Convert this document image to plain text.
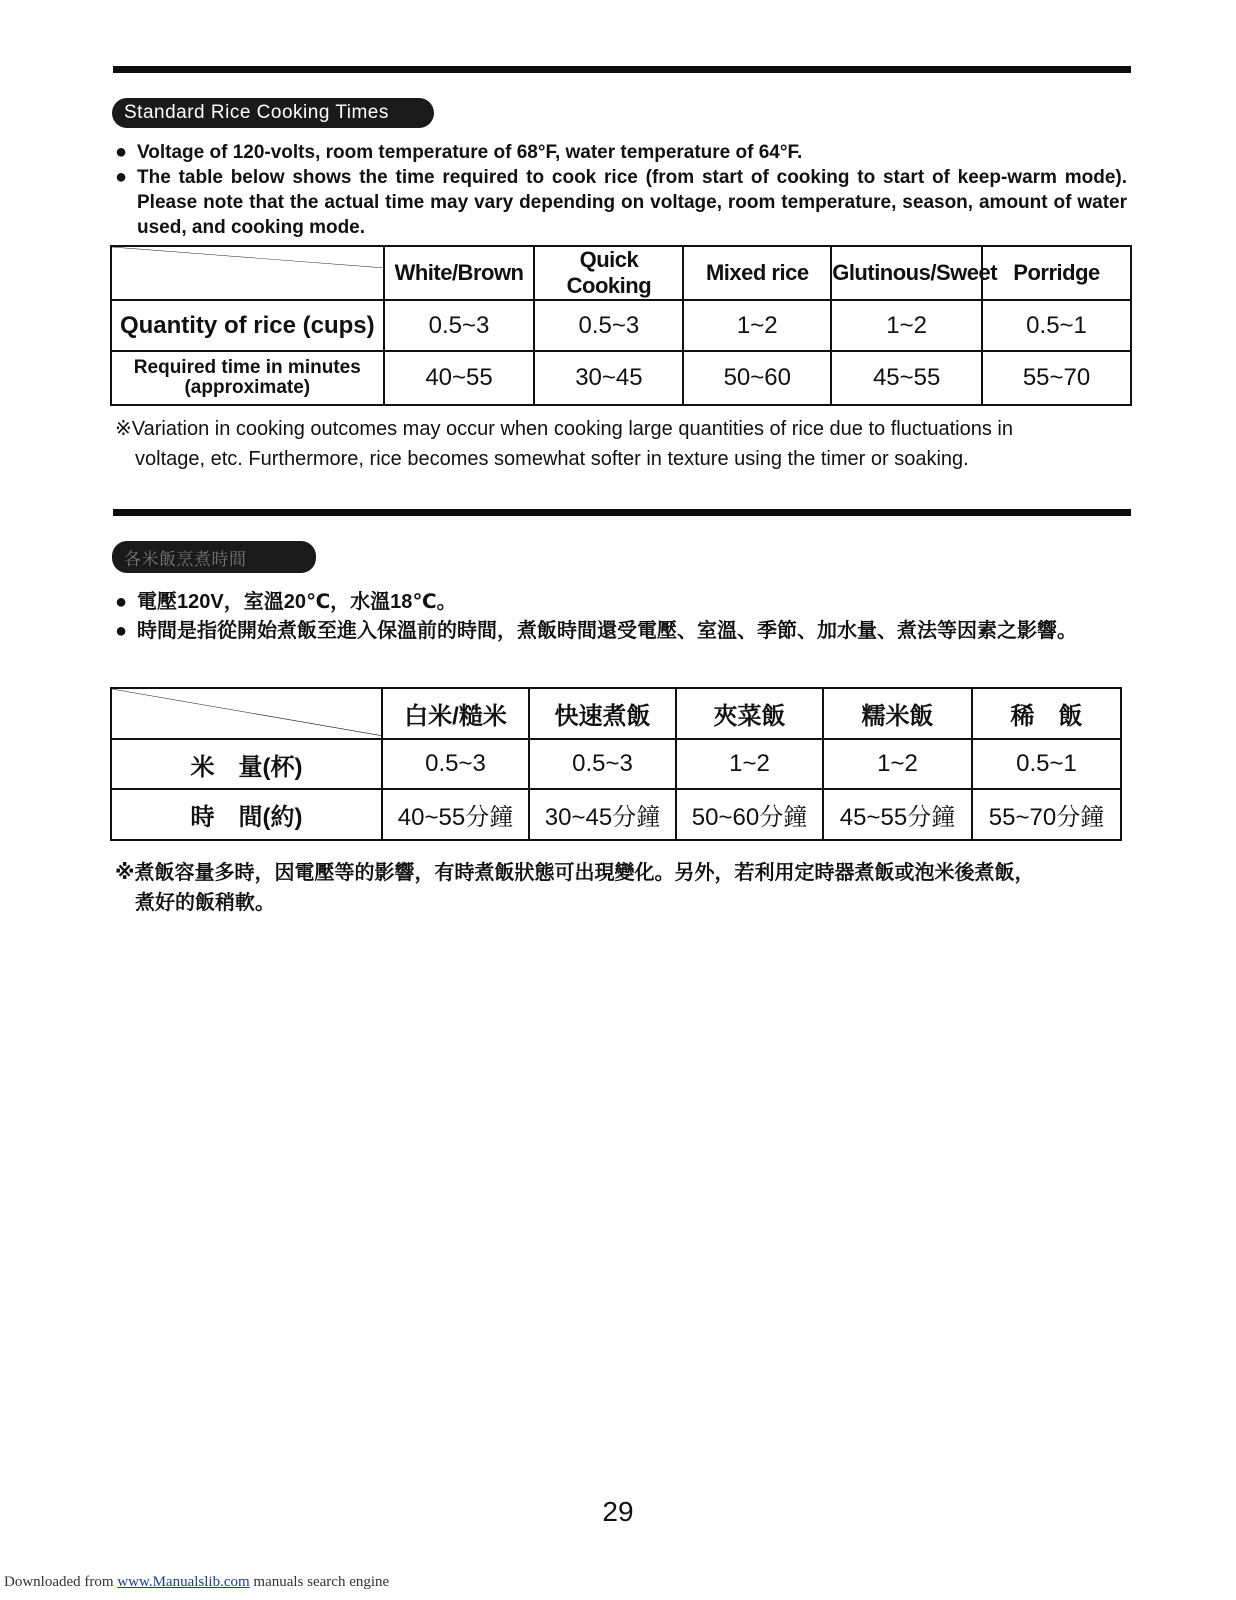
Standard Rice Cooking Times
● Voltage of 120-volts, room temperature of 68°F, water temperature of 64°F.
● The table below shows the time required to cook rice (from start of cooking to start of keep-warm mode). Please note that the actual time may vary depending on voltage, room temperature, season, amount of water used, and cooking mode.
	White/Brown	Quick Cooking	Mixed rice	Glutinous/Sweet	Porridge
Quantity of rice (cups)	0.5~3	0.5~3	1~2	1~2	0.5~1
Required time in minutes
(approximate)	40~55	30~45	50~60	45~55	55~70
※Variation in cooking outcomes may occur when cooking large quantities of rice due to fluctuations in
voltage, etc. Furthermore, rice becomes somewhat softer in texture using the timer or soaking.
各米飯烹煮時間
● 電壓120V，室溫20℃，水溫18℃。
● 時間是指從開始煮飯至進入保溫前的時間，煮飯時間還受電壓、室溫、季節、加水量、煮法等因素之影響。
	白米/糙米	快速煮飯	夾菜飯	糯米飯	稀　飯
米　量(杯)	0.5~3	0.5~3	1~2	1~2	0.5~1
時　間(約)	40~55分鐘	30~45分鐘	50~60分鐘	45~55分鐘	55~70分鐘
※煮飯容量多時，因電壓等的影響，有時煮飯狀態可出現變化。另外，若利用定時器煮飯或泡米後煮飯，
煮好的飯稍軟。
29
Downloaded from www.Manualslib.com manuals search engine
